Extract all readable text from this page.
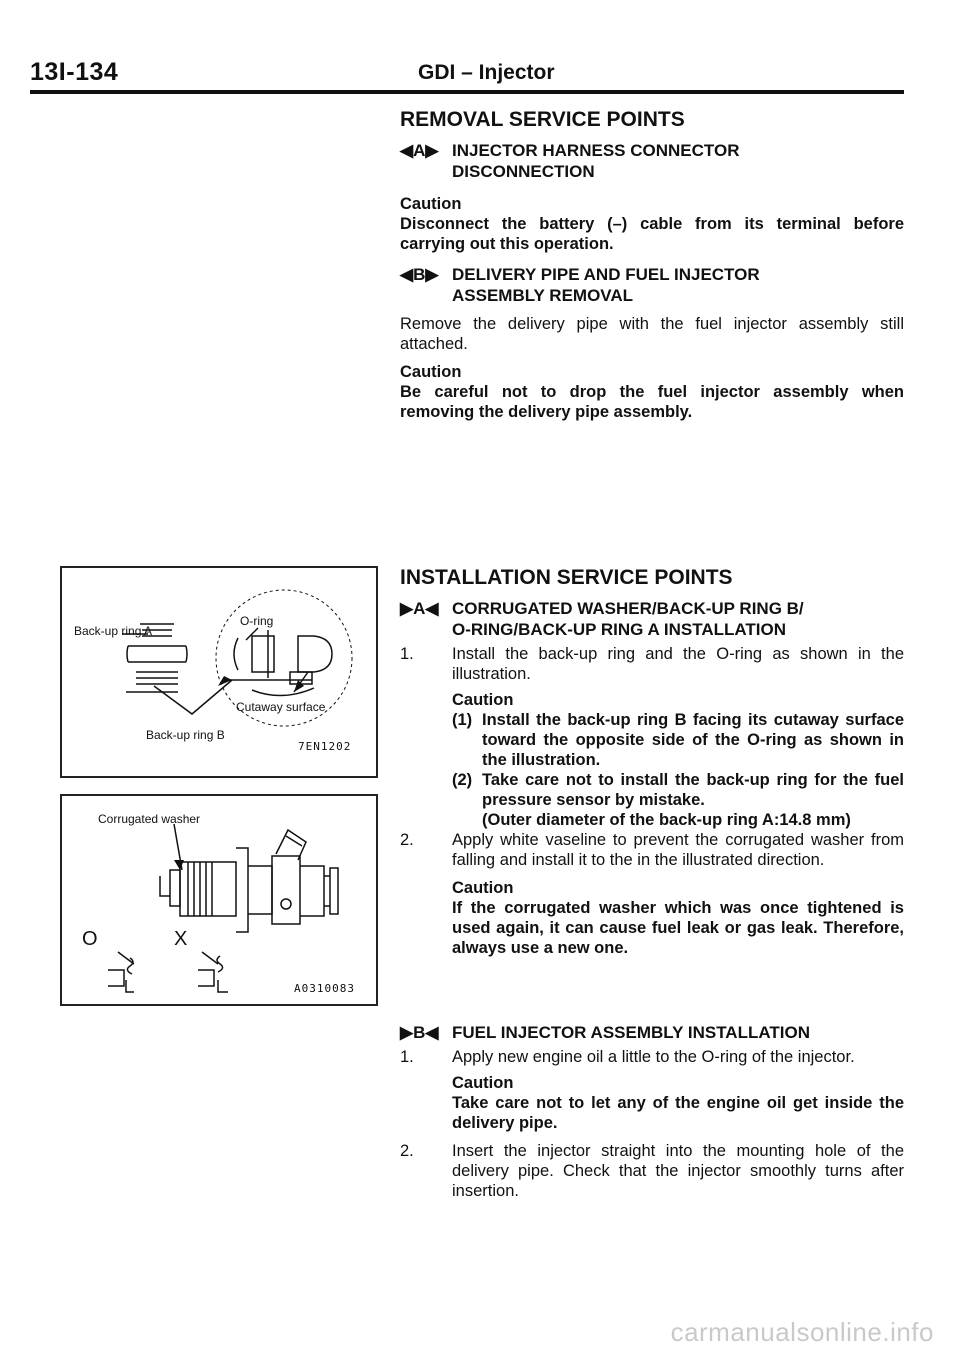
13I-134	GDI – Injector
REMOVAL SERVICE POINTS
◀A▶ INJECTOR HARNESS CONNECTOR
DISCONNECTION
Caution
Disconnect the battery (–) cable from its terminal before carrying out this operation.
◀B▶ DELIVERY PIPE AND FUEL INJECTOR
ASSEMBLY REMOVAL
Remove the delivery pipe with the fuel injector assembly still attached.
Caution
Be careful not to drop the fuel injector assembly when removing the delivery pipe assembly.
INSTALLATION SERVICE POINTS
▶A◀ CORRUGATED WASHER/BACK-UP RING B/
O-RING/BACK-UP RING A INSTALLATION
1. Install the back-up ring and the O-ring as shown in the illustration.
Caution
(1) Install the back-up ring B facing its cutaway surface toward the opposite side of the O-ring as shown in the illustration.
(2) Take care not to install the back-up ring for the fuel pressure sensor by mistake.
(Outer diameter of the back-up ring A:14.8 mm)
2. Apply white vaseline to prevent the corrugated washer from falling and install it to the in the illustrated direction.
Caution
If the corrugated washer which was once tightened is used again, it can cause fuel leak or gas leak. Therefore, always use a new one.
▶B◀ FUEL INJECTOR ASSEMBLY INSTALLATION
1. Apply new engine oil a little to the O-ring of the injector.
Caution
Take care not to let any of the engine oil get inside the delivery pipe.
2. Insert the injector straight into the mounting hole of the delivery pipe. Check that the injector smoothly turns after insertion.
Back-up ring A
O-ring
Cutaway surface
Back-up ring B
7EN1202
Corrugated washer
O	X
A0310083
carmanualsonline.info
